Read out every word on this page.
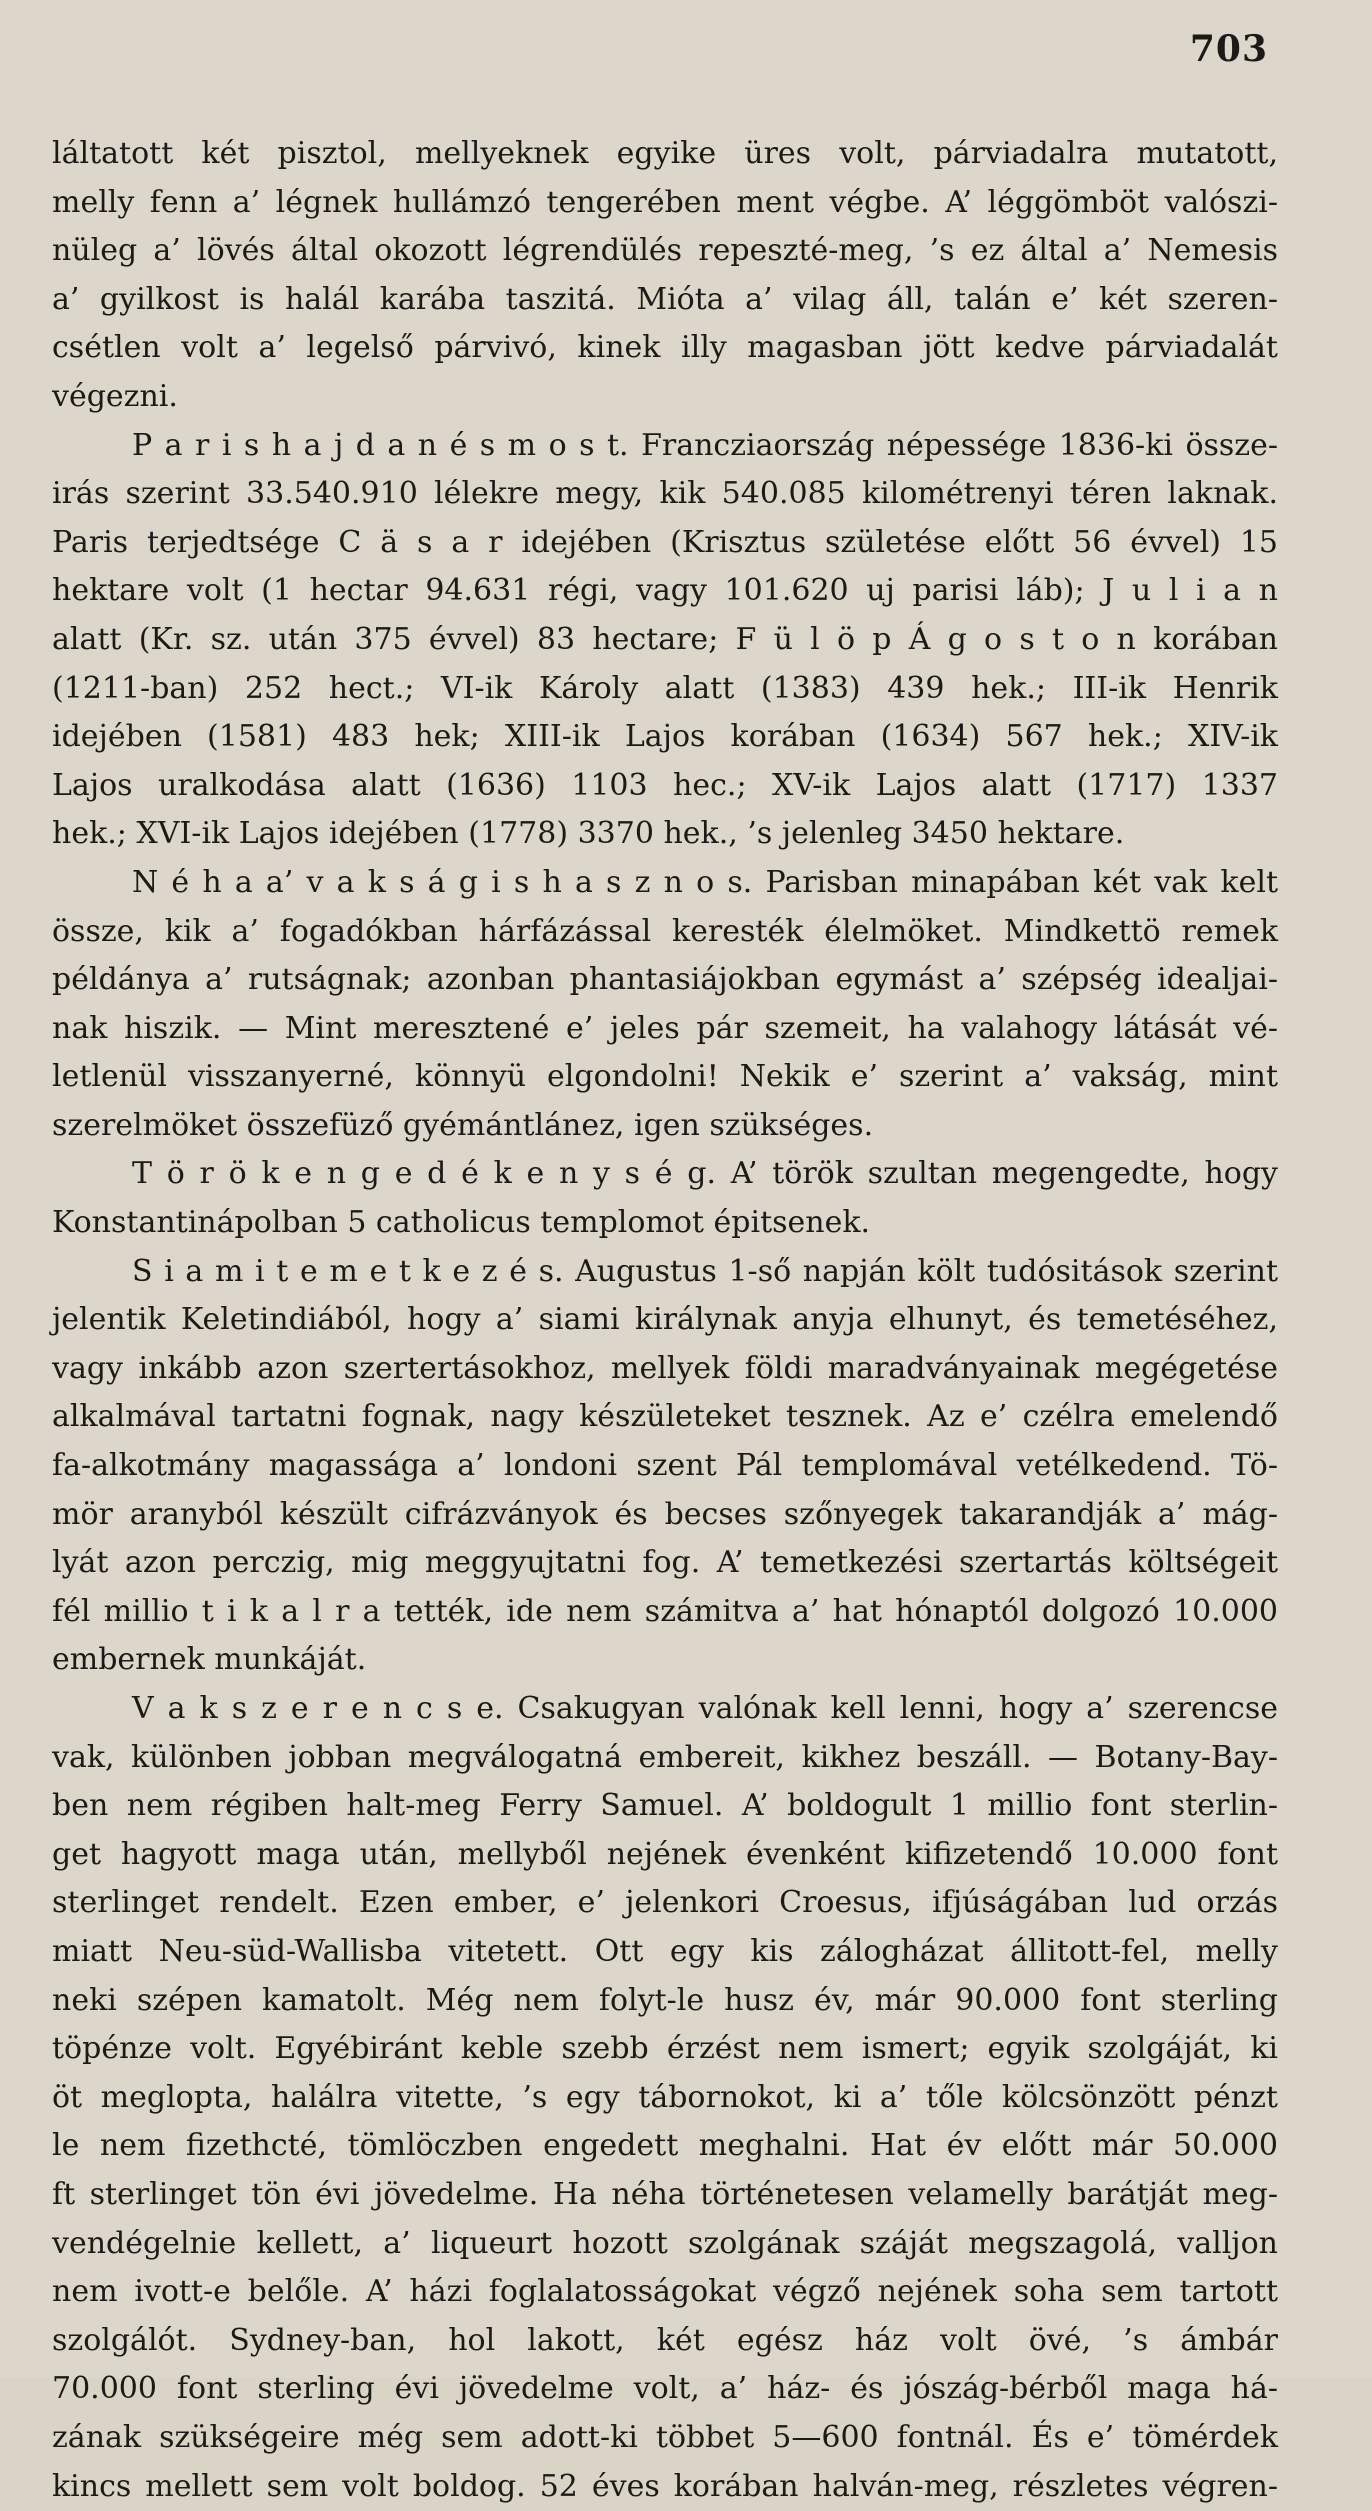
703
láltatott két pisztol, mellyeknek egyike üres volt, párviadalra mutatott,
melly fenn a’ légnek hullámzó tengerében ment végbe. A’ léggömböt valószi-
nüleg a’ lövés által okozott légrendülés repeszté-meg, ’s ez által a’ Nemesis
a’ gyilkost is halál karába taszitá. Mióta a’ vilag áll, talán e’ két szeren-
csétlen volt a’ legelső párvivó, kinek illy magasban jött kedve párviadalát
végezni.
P a r i s h a j d a n é s m o s t. Francziaország népessége 1836-ki össze-
irás szerint 33.540.910 lélekre megy, kik 540.085 kilométrenyi téren laknak.
Paris terjedtsége C ä s a r idejében (Krisztus születése előtt 56 évvel) 15
hektare volt (1 hectar 94.631 régi, vagy 101.620 uj parisi láb); J u l i a n
alatt (Kr. sz. után 375 évvel) 83 hectare; F ü l ö p Á g o s t o n korában
(1211-ban) 252 hect.; VI-ik Károly alatt (1383) 439 hek.; III-ik Henrik
idejében (1581) 483 hek; XIII-ik Lajos korában (1634) 567 hek.; XIV-ik
Lajos uralkodása alatt (1636) 1103 hec.; XV-ik Lajos alatt (1717) 1337
hek.; XVI-ik Lajos idejében (1778) 3370 hek., ’s jelenleg 3450 hektare.
N é h a a’ v a k s á g i s h a s z n o s. Parisban minapában két vak kelt
össze, kik a’ fogadókban hárfázással keresték élelmöket. Mindkettö remek
példánya a’ rutságnak; azonban phantasiájokban egymást a’ szépség idealjai-
nak hiszik. — Mint meresztené e’ jeles pár szemeit, ha valahogy látását vé-
letlenül visszanyerné, könnyü elgondolni! Nekik e’ szerint a’ vakság, mint
szerelmöket összefüző gyémántlánez, igen szükséges.
T ö r ö k e n g e d é k e n y s é g. A’ török szultan megengedte, hogy
Konstantinápolban 5 catholicus templomot épitsenek.
S i a m i t e m e t k e z é s. Augustus 1-ső napján költ tudósitások szerint
jelentik Keletindiából, hogy a’ siami királynak anyja elhunyt, és temetéséhez,
vagy inkább azon szertertásokhoz, mellyek földi maradványainak megégetése
alkalmával tartatni fognak, nagy készületeket tesznek. Az e’ czélra emelendő
fa-alkotmány magassága a’ londoni szent Pál templomával vetélkedend. Tö-
mör aranyból készült cifrázványok és becses szőnyegek takarandják a’ mág-
lyát azon perczig, mig meggyujtatni fog. A’ temetkezési szertartás költségeit
fél millio t i k a l r a tették, ide nem számitva a’ hat hónaptól dolgozó 10.000
embernek munkáját.
V a k s z e r e n c s e. Csakugyan valónak kell lenni, hogy a’ szerencse
vak, különben jobban megválogatná embereit, kikhez beszáll. — Botany-Bay-
ben nem régiben halt-meg Ferry Samuel. A’ boldogult 1 millio font sterlin-
get hagyott maga után, mellyből nejének évenként kifizetendő 10.000 font
sterlinget rendelt. Ezen ember, e’ jelenkori Croesus, ifjúságában lud orzás
miatt Neu-süd-Wallisba vitetett. Ott egy kis zálogházat állitott-fel, melly
neki szépen kamatolt. Még nem folyt-le husz év, már 90.000 font sterling
töpénze volt. Egyébiránt keble szebb érzést nem ismert; egyik szolgáját, ki
öt meglopta, halálra vitette, ’s egy tábornokot, ki a’ tőle kölcsönzött pénzt
le nem fizethcté, tömlöczben engedett meghalni. Hat év előtt már 50.000
ft sterlinget tön évi jövedelme. Ha néha történetesen velamelly barátját meg-
vendégelnie kellett, a’ liqueurt hozott szolgának száját megszagolá, valljon
nem ivott-e belőle. A’ házi foglalatosságokat végző nejének soha sem tartott
szolgálót. Sydney-ban, hol lakott, két egész ház volt övé, ’s ámbár
70.000 font sterling évi jövedelme volt, a’ ház- és jószág-bérből maga há-
zának szükségeire még sem adott-ki többet 5—600 fontnál. És e’ tömérdek
kincs mellett sem volt boldog. 52 éves korában halván-meg, részletes végren-
